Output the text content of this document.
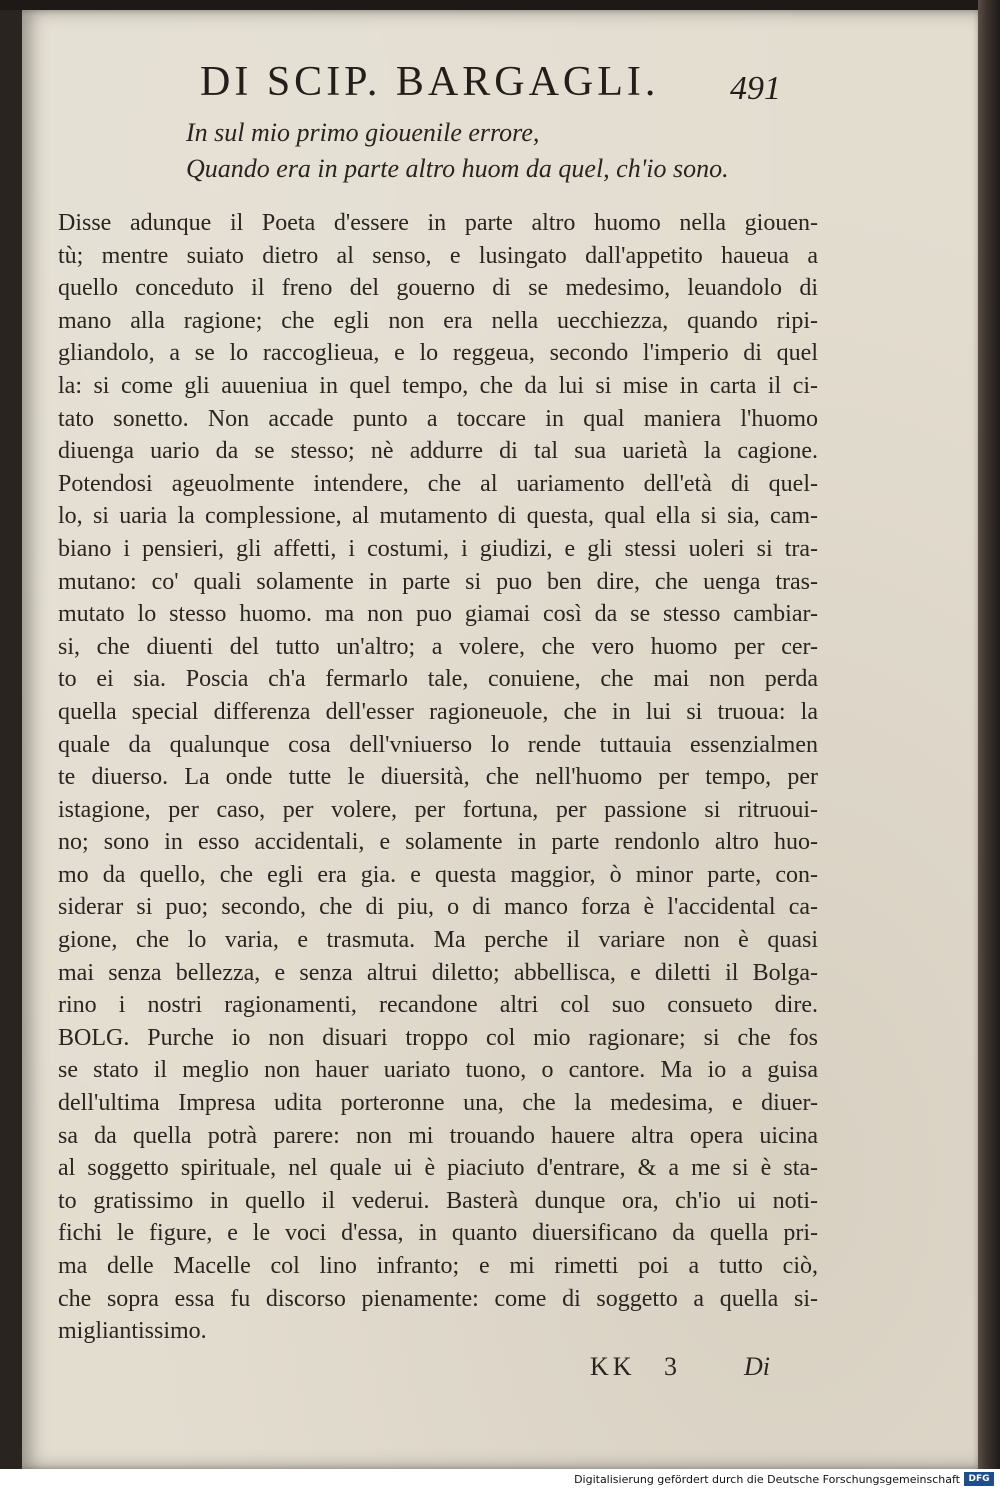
DI SCIP. BARGAGLI.	491
In sul mio primo giouenile errore,
Quando era in parte altro huom da quel, ch'io sono.
Disse adunque il Poeta d'essere in parte altro huomo nella giouen-
tù; mentre suiato dietro al senso, e lusingato dall'appetito haueua a
quello conceduto il freno del gouerno di se medesimo, leuandolo di
mano alla ragione; che egli non era nella uecchiezza, quando ripi-
gliandolo, a se lo raccoglieua, e lo reggeua, secondo l'imperio di quel
la: si come gli auueniua in quel tempo, che da lui si mise in carta il ci-
tato sonetto. Non accade punto a toccare in qual maniera l'huomo
diuenga uario da se stesso; nè addurre di tal sua uarietà la cagione.
Potendosi ageuolmente intendere, che al uariamento dell'età di quel-
lo, si uaria la complessione, al mutamento di questa, qual ella si sia, cam-
biano i pensieri, gli affetti, i costumi, i giudizi, e gli stessi uoleri si tra-
mutano: co' quali solamente in parte si puo ben dire, che uenga tras-
mutato lo stesso huomo. ma non puo giamai così da se stesso cambiar-
si, che diuenti del tutto un'altro; a volere, che vero huomo per cer-
to ei sia. Poscia ch'a fermarlo tale, conuiene, che mai non perda
quella special differenza dell'esser ragioneuole, che in lui si truoua: la
quale da qualunque cosa dell'vniuerso lo rende tuttauia essenzialmen
te diuerso. La onde tutte le diuersità, che nell'huomo per tempo, per
istagione, per caso, per volere, per fortuna, per passione si ritruoui-
no; sono in esso accidentali, e solamente in parte rendonlo altro huo-
mo da quello, che egli era gia. e questa maggior, ò minor parte, con-
siderar si puo; secondo, che di piu, o di manco forza è l'accidental ca-
gione, che lo varia, e trasmuta. Ma perche il variare non è quasi
mai senza bellezza, e senza altrui diletto; abbellisca, e diletti il Bolga-
rino i nostri ragionamenti, recandone altri col suo consueto dire.
BOLG. Purche io non disuari troppo col mio ragionare; si che fos
se stato il meglio non hauer uariato tuono, o cantore. Ma io a guisa
dell'ultima Impresa udita porteronne una, che la medesima, e diuer-
sa da quella potrà parere: non mi trouando hauere altra opera uicina
al soggetto spirituale, nel quale ui è piaciuto d'entrare, & a me si è sta-
to gratissimo in quello il vederui. Basterà dunque ora, ch'io ui noti-
fichi le figure, e le voci d'essa, in quanto diuersificano da quella pri-
ma delle Macelle col lino infranto; e mi rimetti poi a tutto ciò,
che sopra essa fu discorso pienamente: come di soggetto a quella si-
migliantissimo.
KK 3	Di
Digitalisierung gefördert durch die Deutsche Forschungsgemeinschaft DFG
